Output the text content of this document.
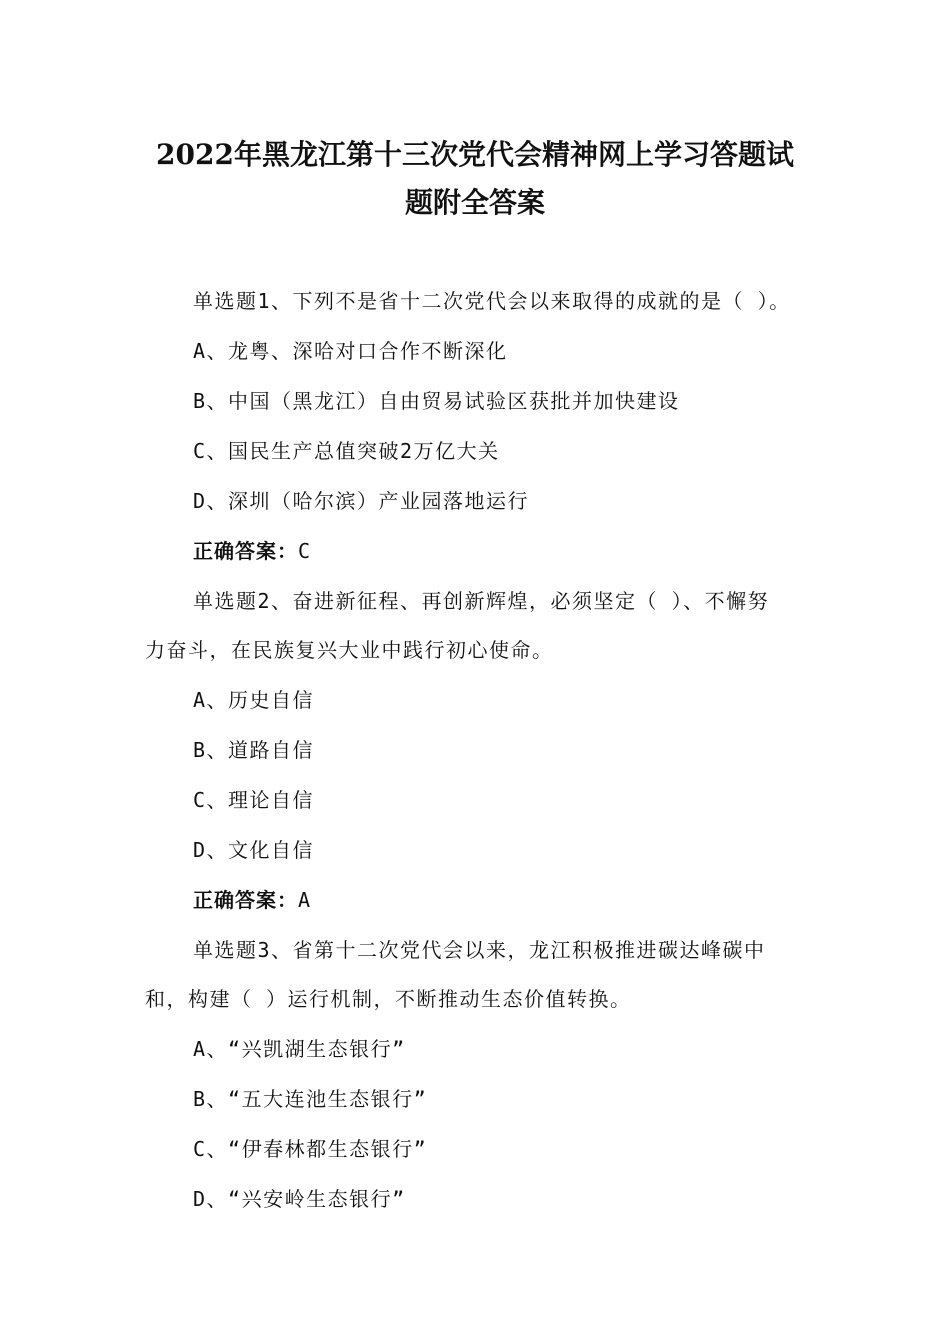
2022年黑龙江第十三次党代会精神网上学习答题试
题附全答案
单选题1、下列不是省十二次党代会以来取得的成就的是（ ）。
A、龙粤、深哈对口合作不断深化
B、中国（黑龙江）自由贸易试验区获批并加快建设
C、国民生产总值突破2万亿大关
D、深圳（哈尔滨）产业园落地运行
正确答案：C
单选题2、奋进新征程、再创新辉煌，必须坚定（ ）、不懈努
力奋斗，在民族复兴大业中践行初心使命。
A、历史自信
B、道路自信
C、理论自信
D、文化自信
正确答案：A
单选题3、省第十二次党代会以来，龙江积极推进碳达峰碳中
和，构建（ ）运行机制，不断推动生态价值转换。
A、“兴凯湖生态银行”
B、“五大连池生态银行”
C、“伊春林都生态银行”
D、“兴安岭生态银行”
